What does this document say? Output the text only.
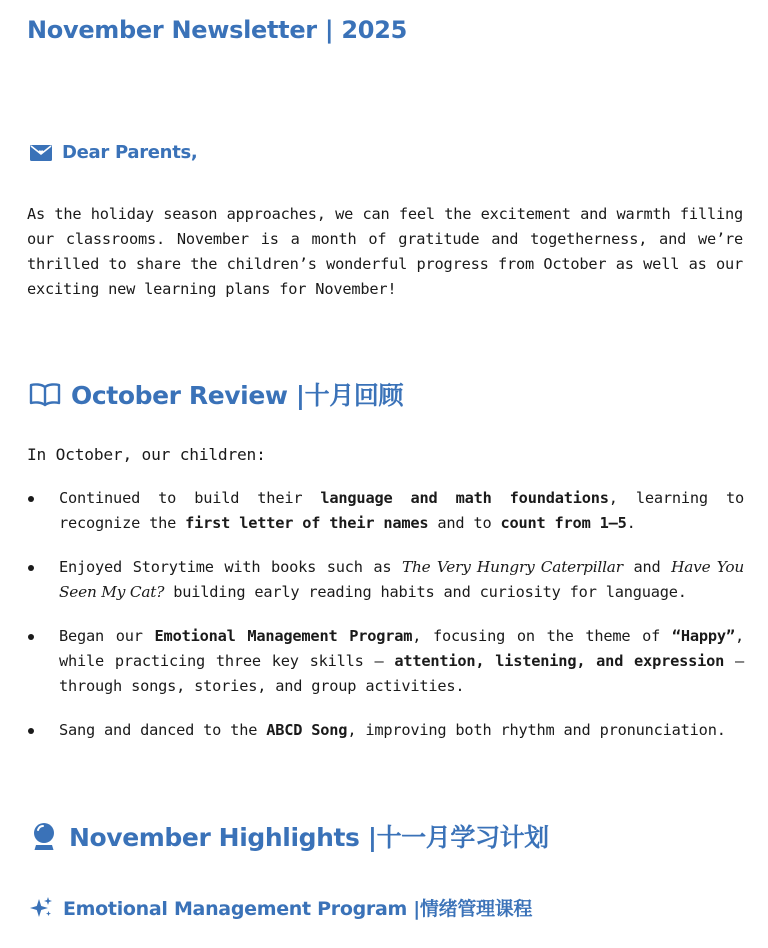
November Newsletter | 2025
Dear Parents,

As the holiday season approaches, we can feel the excitement and warmth filling our classrooms. November is a month of gratitude and togetherness, and we’re thrilled to share the children’s wonderful progress from October as well as our exciting new learning plans for November!

October Review |十月回顾

In October, our children:

Continued to build their language and math foundations, learning to recognize the first letter of their names and to count from 1–5.
Enjoyed Storytime with books such as The Very Hungry Caterpillar and Have You Seen My Cat? building early reading habits and curiosity for language.
Began our Emotional Management Program, focusing on the theme of “Happy”, while practicing three key skills — attention, listening, and expression — through songs, stories, and group activities.
Sang and danced to the ABCD Song, improving both rhythm and pronunciation.
November Highlights |十一月学习计划
Emotional Management Program |情绪管理课程
